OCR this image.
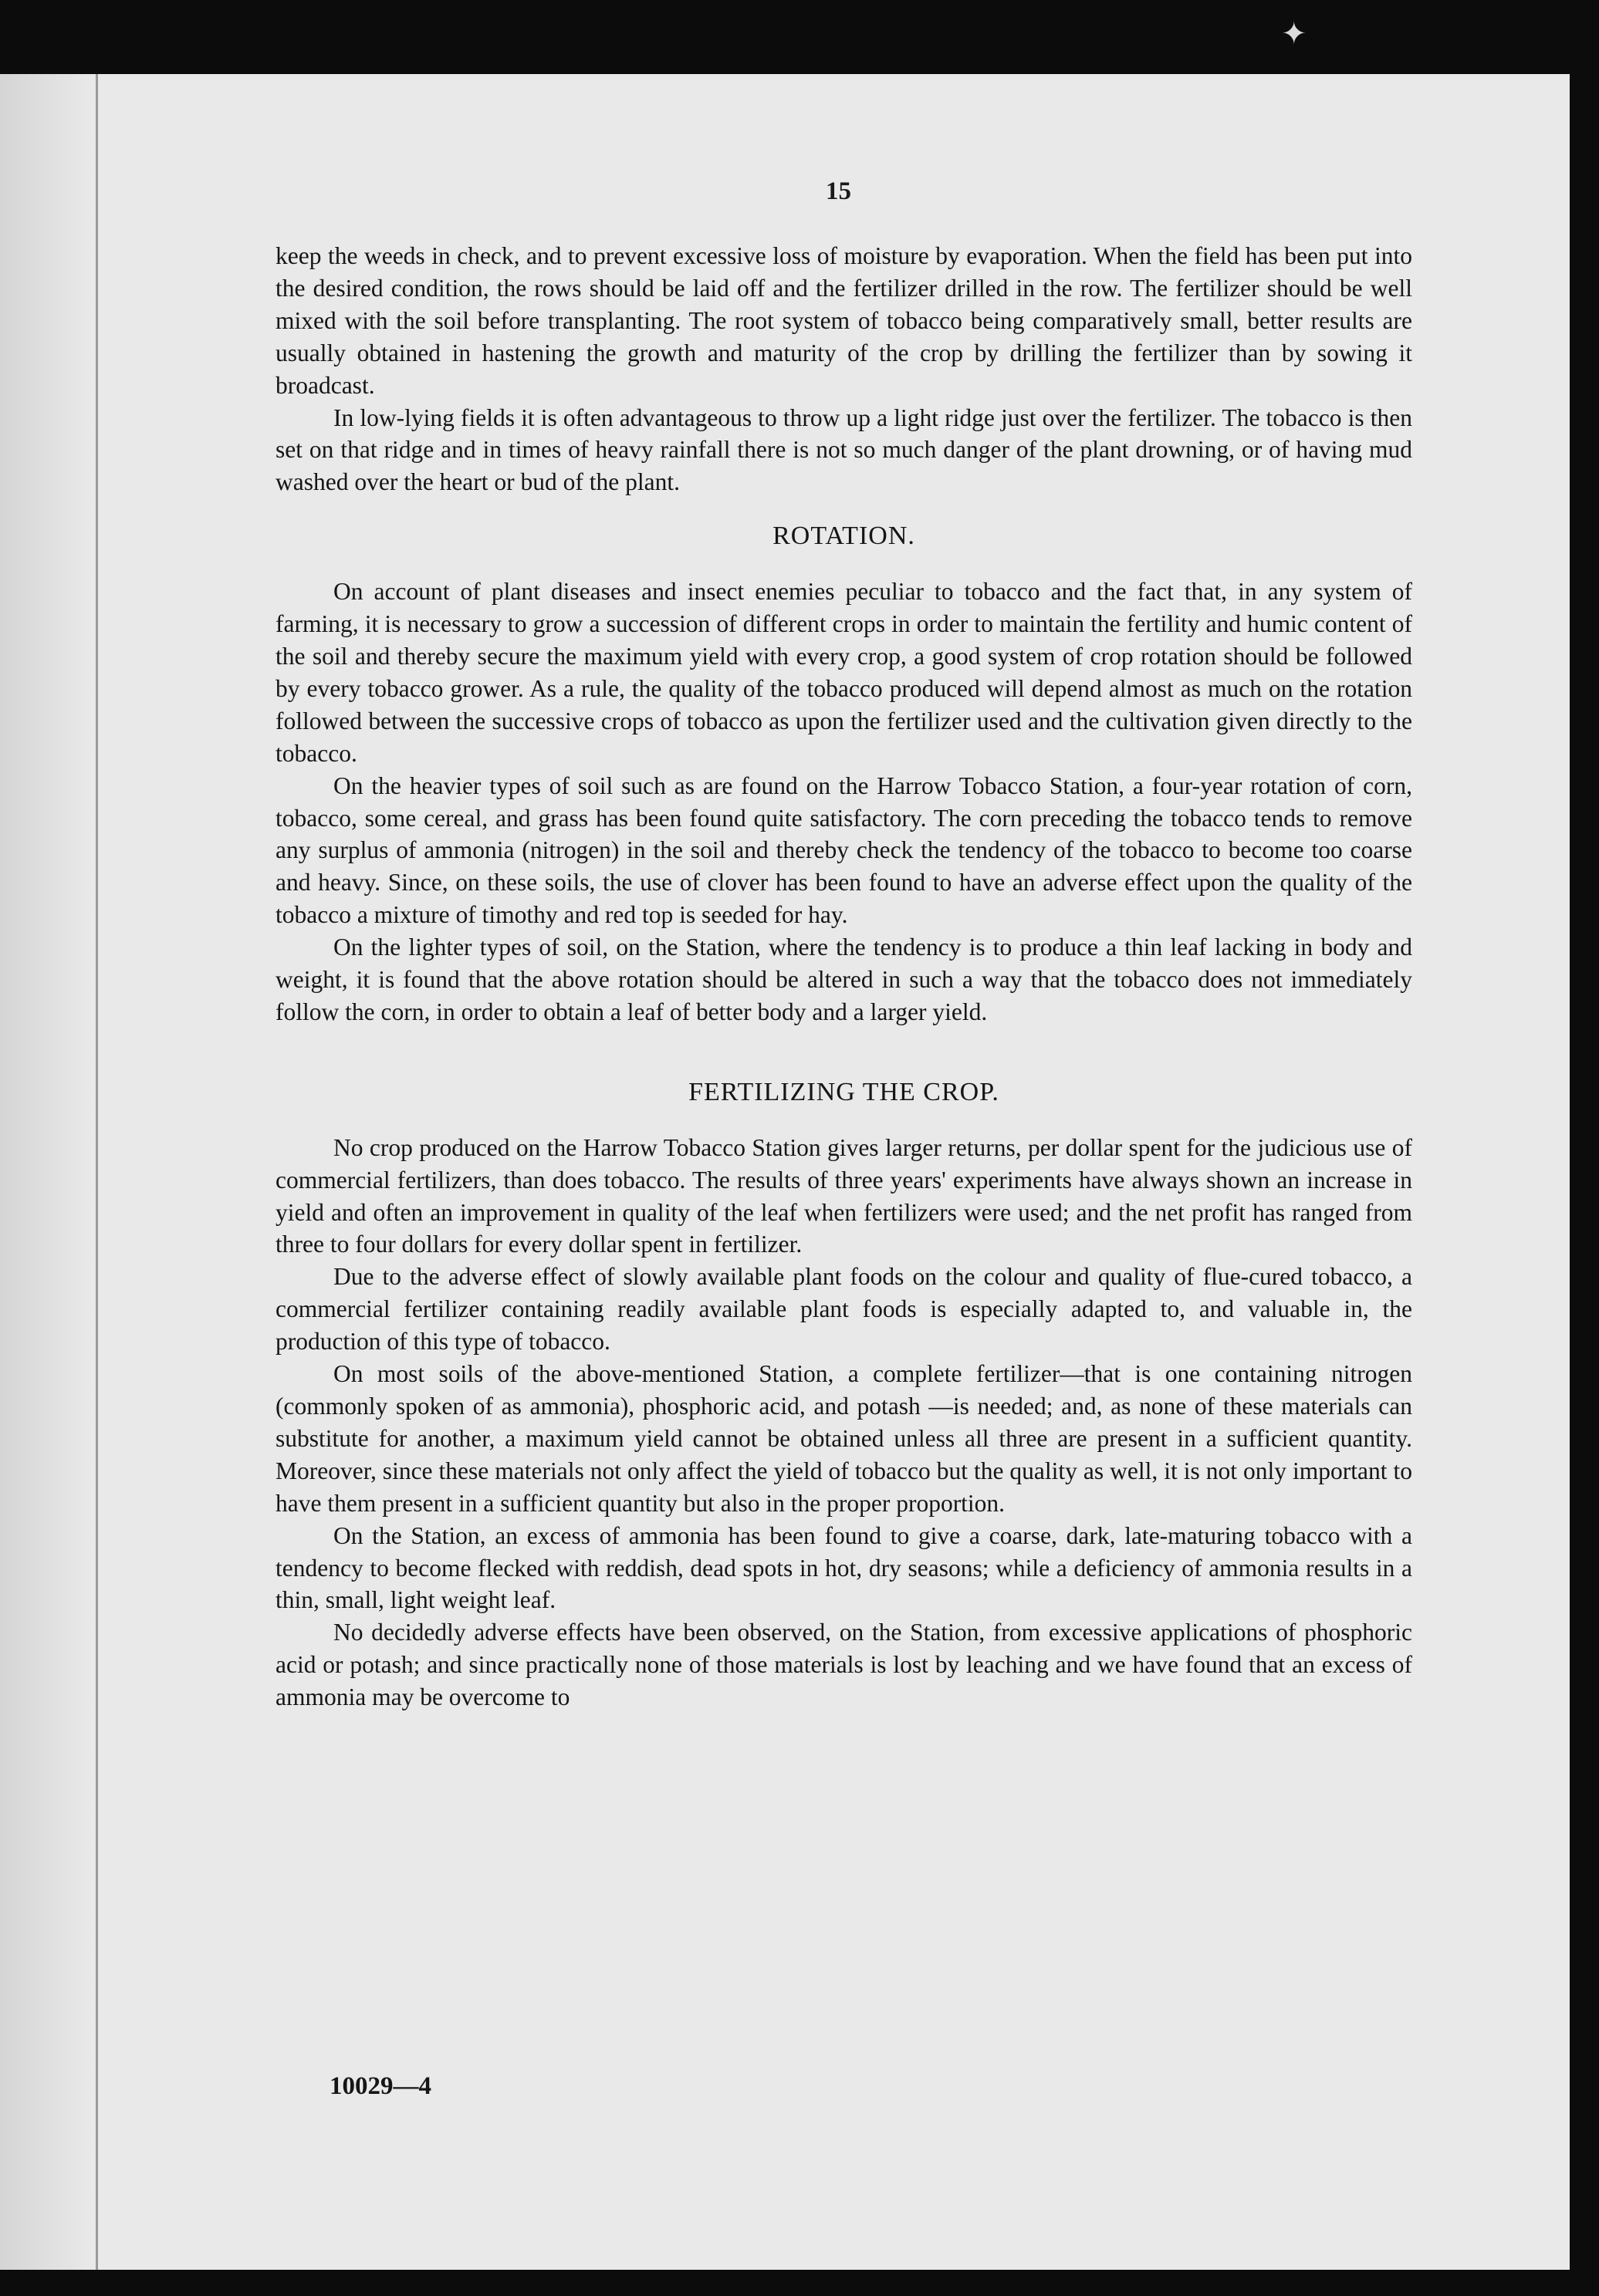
✦
15

keep the weeds in check, and to prevent excessive loss of moisture by evaporation. When the field has been put into the desired condition, the rows should be laid off and the fertilizer drilled in the row. The fertilizer should be well mixed with the soil before transplanting. The root system of tobacco being comparatively small, better results are usually obtained in hastening the growth and maturity of the crop by drilling the fertilizer than by sowing it broadcast.

In low-lying fields it is often advantageous to throw up a light ridge just over the fertilizer. The tobacco is then set on that ridge and in times of heavy rainfall there is not so much danger of the plant drowning, or of having mud washed over the heart or bud of the plant.

ROTATION.

On account of plant diseases and insect enemies peculiar to tobacco and the fact that, in any system of farming, it is necessary to grow a succession of different crops in order to maintain the fertility and humic content of the soil and thereby secure the maximum yield with every crop, a good system of crop rotation should be followed by every tobacco grower. As a rule, the quality of the tobacco produced will depend almost as much on the rotation followed between the successive crops of tobacco as upon the fertilizer used and the cultivation given directly to the tobacco.

On the heavier types of soil such as are found on the Harrow Tobacco Station, a four-year rotation of corn, tobacco, some cereal, and grass has been found quite satisfactory. The corn preceding the tobacco tends to remove any surplus of ammonia (nitrogen) in the soil and thereby check the tendency of the tobacco to become too coarse and heavy. Since, on these soils, the use of clover has been found to have an adverse effect upon the quality of the tobacco a mixture of timothy and red top is seeded for hay.

On the lighter types of soil, on the Station, where the tendency is to produce a thin leaf lacking in body and weight, it is found that the above rotation should be altered in such a way that the tobacco does not immediately follow the corn, in order to obtain a leaf of better body and a larger yield.

FERTILIZING THE CROP.

No crop produced on the Harrow Tobacco Station gives larger returns, per dollar spent for the judicious use of commercial fertilizers, than does tobacco. The results of three years' experiments have always shown an increase in yield and often an improvement in quality of the leaf when fertilizers were used; and the net profit has ranged from three to four dollars for every dollar spent in fertilizer.

Due to the adverse effect of slowly available plant foods on the colour and quality of flue-cured tobacco, a commercial fertilizer containing readily available plant foods is especially adapted to, and valuable in, the production of this type of tobacco.

On most soils of the above-mentioned Station, a complete fertilizer—that is one containing nitrogen (commonly spoken of as ammonia), phosphoric acid, and potash —is needed; and, as none of these materials can substitute for another, a maximum yield cannot be obtained unless all three are present in a sufficient quantity. Moreover, since these materials not only affect the yield of tobacco but the quality as well, it is not only important to have them present in a sufficient quantity but also in the proper proportion.

On the Station, an excess of ammonia has been found to give a coarse, dark, late-maturing tobacco with a tendency to become flecked with reddish, dead spots in hot, dry seasons; while a deficiency of ammonia results in a thin, small, light weight leaf.

No decidedly adverse effects have been observed, on the Station, from excessive applications of phosphoric acid or potash; and since practically none of those materials is lost by leaching and we have found that an excess of ammonia may be overcome to

10029—4
